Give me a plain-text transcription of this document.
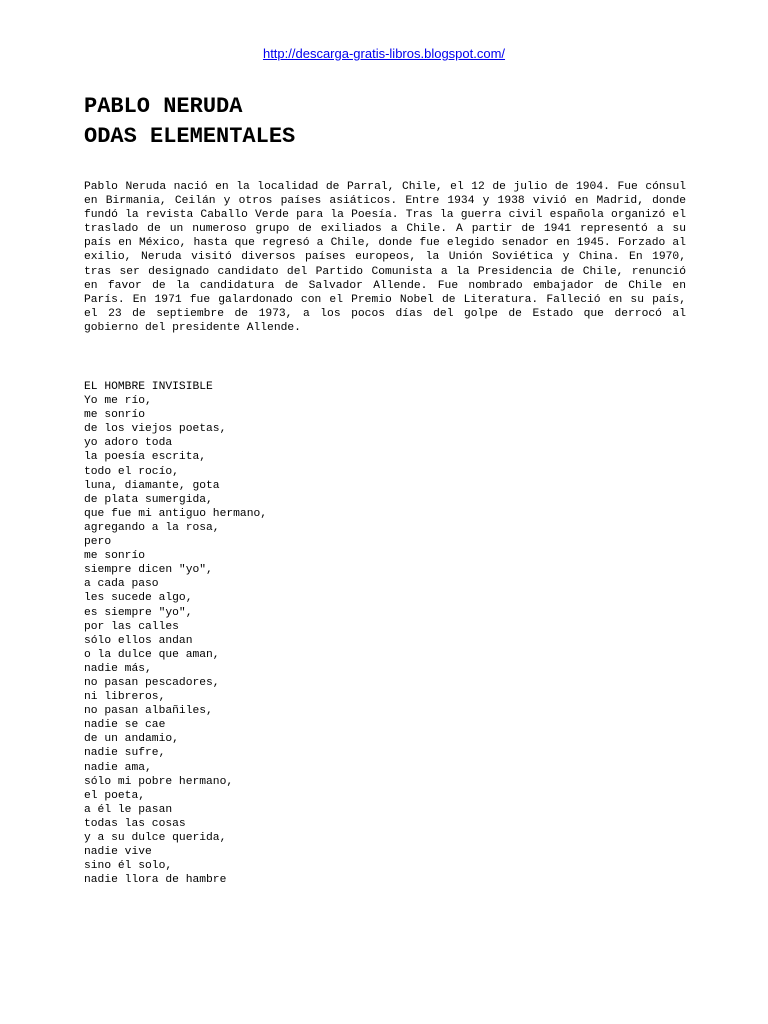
http://descarga-gratis-libros.blogspot.com/
PABLO NERUDA
ODAS ELEMENTALES
Pablo Neruda nació en la localidad de Parral, Chile, el 12 de julio de 1904. Fue cónsul en Birmania, Ceilán y otros países asiáticos. Entre 1934 y 1938 vivió en Madrid, donde fundó la revista Caballo Verde para la Poesía. Tras la guerra civil española organizó el traslado de un numeroso grupo de exiliados a Chile. A partir de 1941 representó a su país en México, hasta que regresó a Chile, donde fue elegido senador en 1945. Forzado al exilio, Neruda visitó diversos países europeos, la Unión Soviética y China. En 1970, tras ser designado candidato del Partido Comunista a la Presidencia de Chile, renunció en favor de la candidatura de Salvador Allende. Fue nombrado embajador de Chile en París. En 1971 fue galardonado con el Premio Nobel de Literatura. Falleció en su país, el 23 de septiembre de 1973, a los pocos días del golpe de Estado que derrocó al gobierno del presidente Allende.
EL HOMBRE INVISIBLE
Yo me río,
me sonrío
de los viejos poetas,
yo adoro toda
la poesía escrita,
todo el rocío,
luna, diamante, gota
de plata sumergida,
que fue mi antiguo hermano,
agregando a la rosa,
pero
me sonrío
siempre dicen "yo",
a cada paso
les sucede algo,
es siempre "yo",
por las calles
sólo ellos andan
o la dulce que aman,
nadie más,
no pasan pescadores,
ni libreros,
no pasan albañiles,
nadie se cae
de un andamio,
nadie sufre,
nadie ama,
sólo mi pobre hermano,
el poeta,
a él le pasan
todas las cosas
y a su dulce querida,
nadie vive
sino él solo,
nadie llora de hambre
